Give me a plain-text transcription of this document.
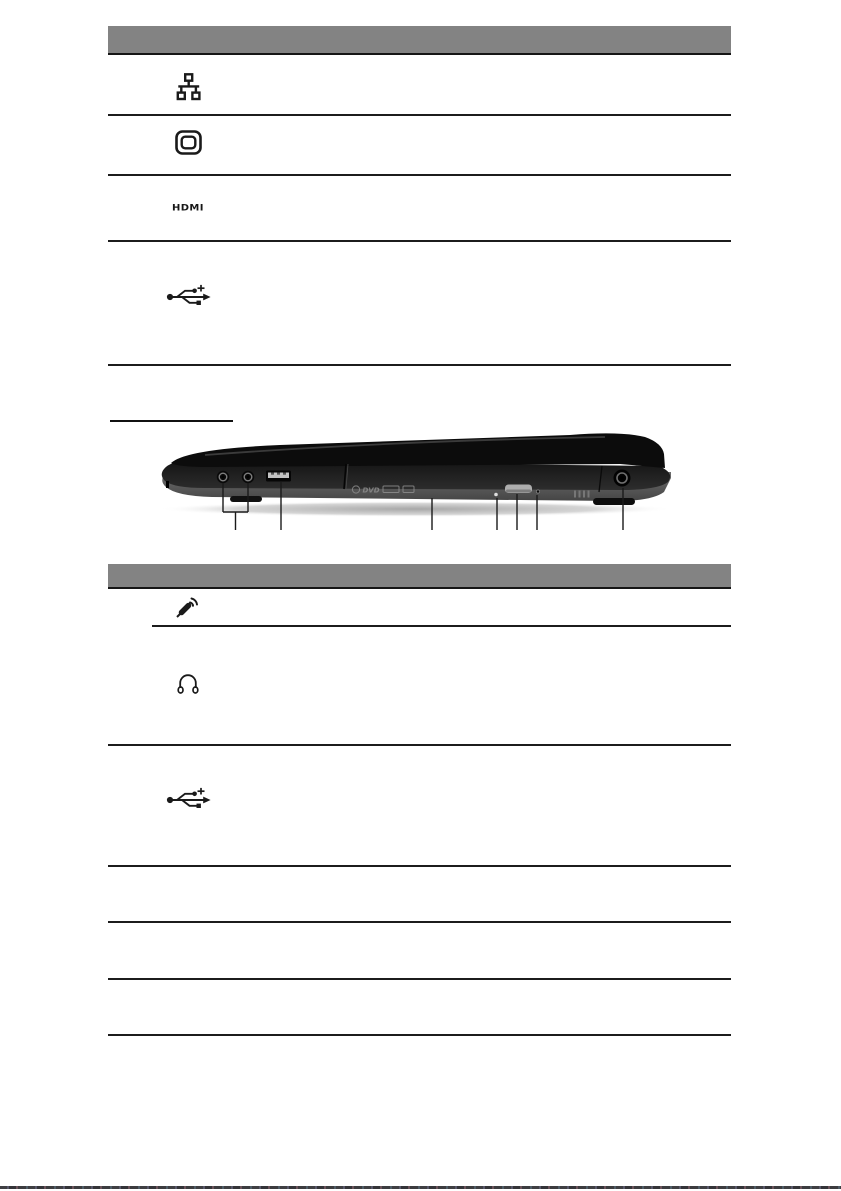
HDMI
DVD
